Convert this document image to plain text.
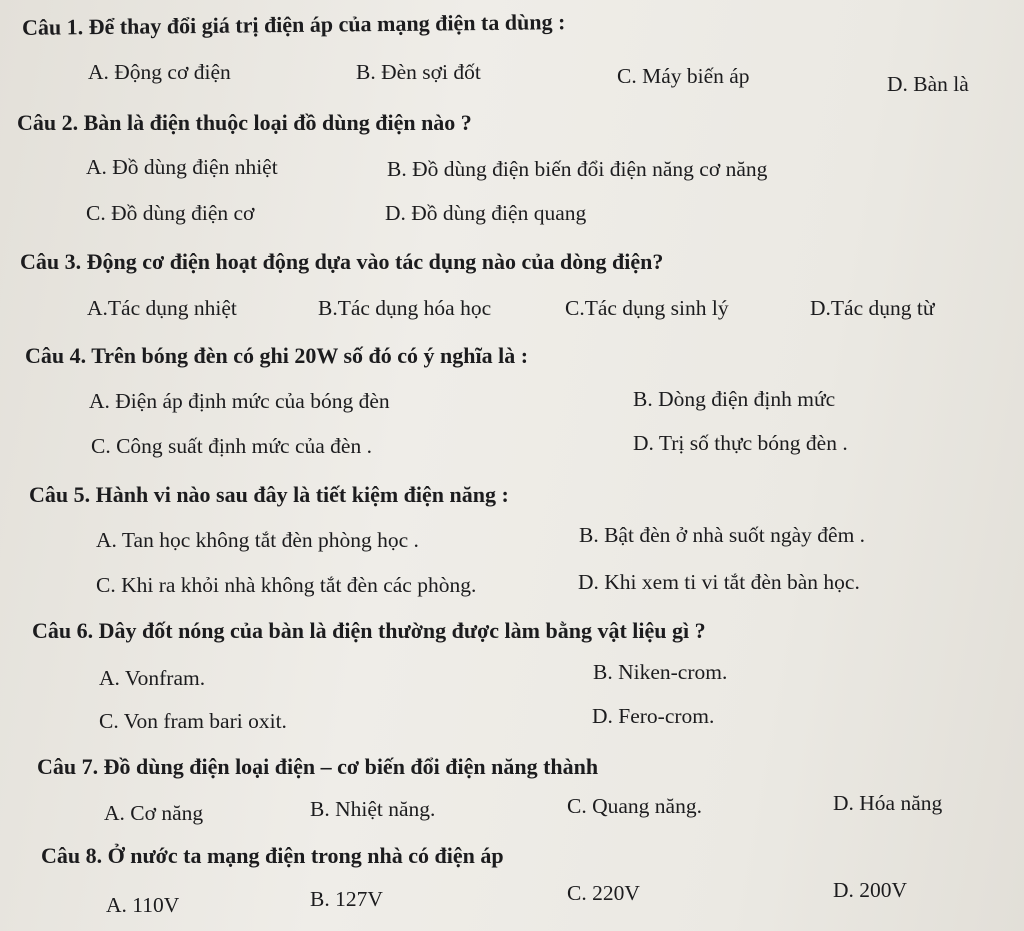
Câu 1. Để thay đổi giá trị điện áp của mạng điện ta dùng :
A. Động cơ điện	B. Đèn sợi đốt	C. Máy biến áp	D. Bàn là
Câu 2. Bàn là điện thuộc loại đồ dùng điện nào ?
A. Đồ dùng điện nhiệt	B. Đồ dùng điện biến đổi điện năng cơ năng
C. Đồ dùng điện cơ	D. Đồ dùng điện quang
Câu 3. Động cơ điện hoạt động dựa vào tác dụng nào của dòng điện?
A.Tác dụng nhiệt	B.Tác dụng hóa học	C.Tác dụng sinh lý	D.Tác dụng từ
Câu 4. Trên bóng đèn có ghi 20W số đó có ý nghĩa là :
A. Điện áp định mức của bóng đèn	B. Dòng điện định mức
C. Công suất định mức của đèn .	D. Trị số thực bóng đèn .
Câu 5. Hành vi nào sau đây là tiết kiệm điện năng :
A. Tan học không tắt đèn phòng học .	B. Bật đèn ở nhà suốt ngày đêm .
C. Khi ra khỏi nhà không tắt đèn các phòng.	D. Khi xem ti vi tắt đèn bàn học.
Câu 6. Dây đốt nóng của bàn là điện thường được làm bằng vật liệu gì ?
A. Vonfram.	B. Niken-crom.
C. Von fram bari oxit.	D. Fero-crom.
Câu 7. Đồ dùng điện loại điện – cơ biến đổi điện năng thành
A. Cơ năng	B. Nhiệt năng.	C. Quang năng.	D. Hóa năng
Câu 8. Ở nước ta mạng điện trong nhà có điện áp
A. 110V	B. 127V	C. 220V	D. 200V
